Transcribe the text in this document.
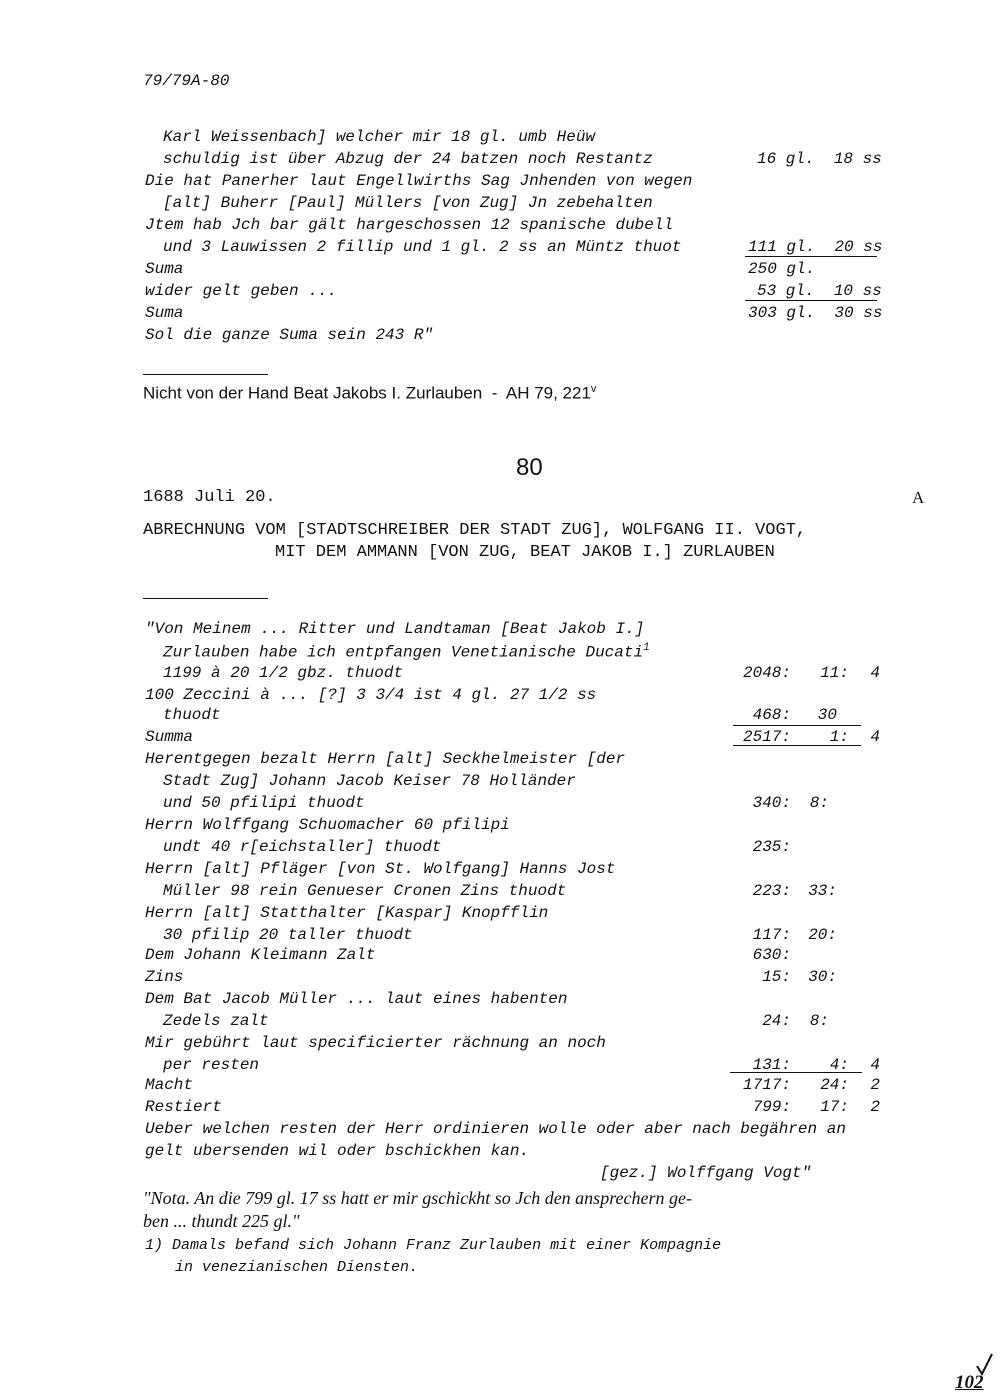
79/79A-80
Karl Weissenbach] welcher mir 18 gl. umb Heüw
schuldig ist über Abzug der 24 batzen noch Restantz	16 gl.  18 ss
Die hat Panerher laut Engellwirths Sag Jnhenden von wegen
[alt] Buherr [Paul] Müllers [von Zug] Jn zebehalten
Jtem hab Jch bar gält hargeschossen 12 spanische dubell
und 3 Lauwissen 2 fillip und 1 gl. 2 ss an Müntz thuot	111 gl.  20 ss
Suma	250 gl.
wider gelt geben ...	53 gl.  10 ss
Suma	303 gl.  30 ss
Sol die ganze Suma sein 243 R"
Nicht von der Hand Beat Jakobs I. Zurlauben  -  AH 79, 221$^v$
80
1688 Juli 20.	A
ABRECHNUNG VOM [STADTSCHREIBER DER STADT ZUG], WOLFGANG II. VOGT,
MIT DEM AMMANN [VON ZUG, BEAT JAKOB I.] ZURLAUBEN
"Von Meinem ... Ritter und Landtaman [Beat Jakob I.]
Zurlauben habe ich entpfangen Venetianische Ducati$^1$
1199 à 20 1/2 gbz. thuodt	2048:	11:	4
100 Zeccini à ... [?] 3 3/4 ist 4 gl. 27 1/2 ss
thuodt	468:	30
Summa	2517:	1:	4
Herentgegen bezalt Herrn [alt] Seckhelmeister [der
Stadt Zug] Johann Jacob Keiser 78 Holländer
und 50 pfilipi thuodt	340:	8:
Herrn Wolffgang Schuomacher 60 pfilipi
undt 40 r[eichstaller] thuodt	235:
Herrn [alt] Pfläger [von St. Wolfgang] Hanns Jost
Müller 98 rein Genueser Cronen Zins thuodt	223:	33:
Herrn [alt] Statthalter [Kaspar] Knopfflin
30 pfilip 20 taller thuodt	117:	20:
Dem Johann Kleimann Zalt	630:
Zins	15:	30:
Dem Bat Jacob Müller ... laut eines habenten
Zedels zalt	24:	8:
Mir gebührt laut specificierter rächnung an noch
per resten	131:	4:	4
Macht	1717:	24:	2
Restiert	799:	17:	2
Ueber welchen resten der Herr ordinieren wolle oder aber nach begähren an
gelt ubersenden wil oder bschickhen kan.
[gez.] Wolffgang Vogt"
"Nota. An die 799 gl. 17 ss hatt er mir gschickht so Jch den ansprechern ge-
ben ... thundt 225 gl."
1) Damals befand sich Johann Franz Zurlauben mit einer Kompagnie
in venezianischen Diensten.
102
